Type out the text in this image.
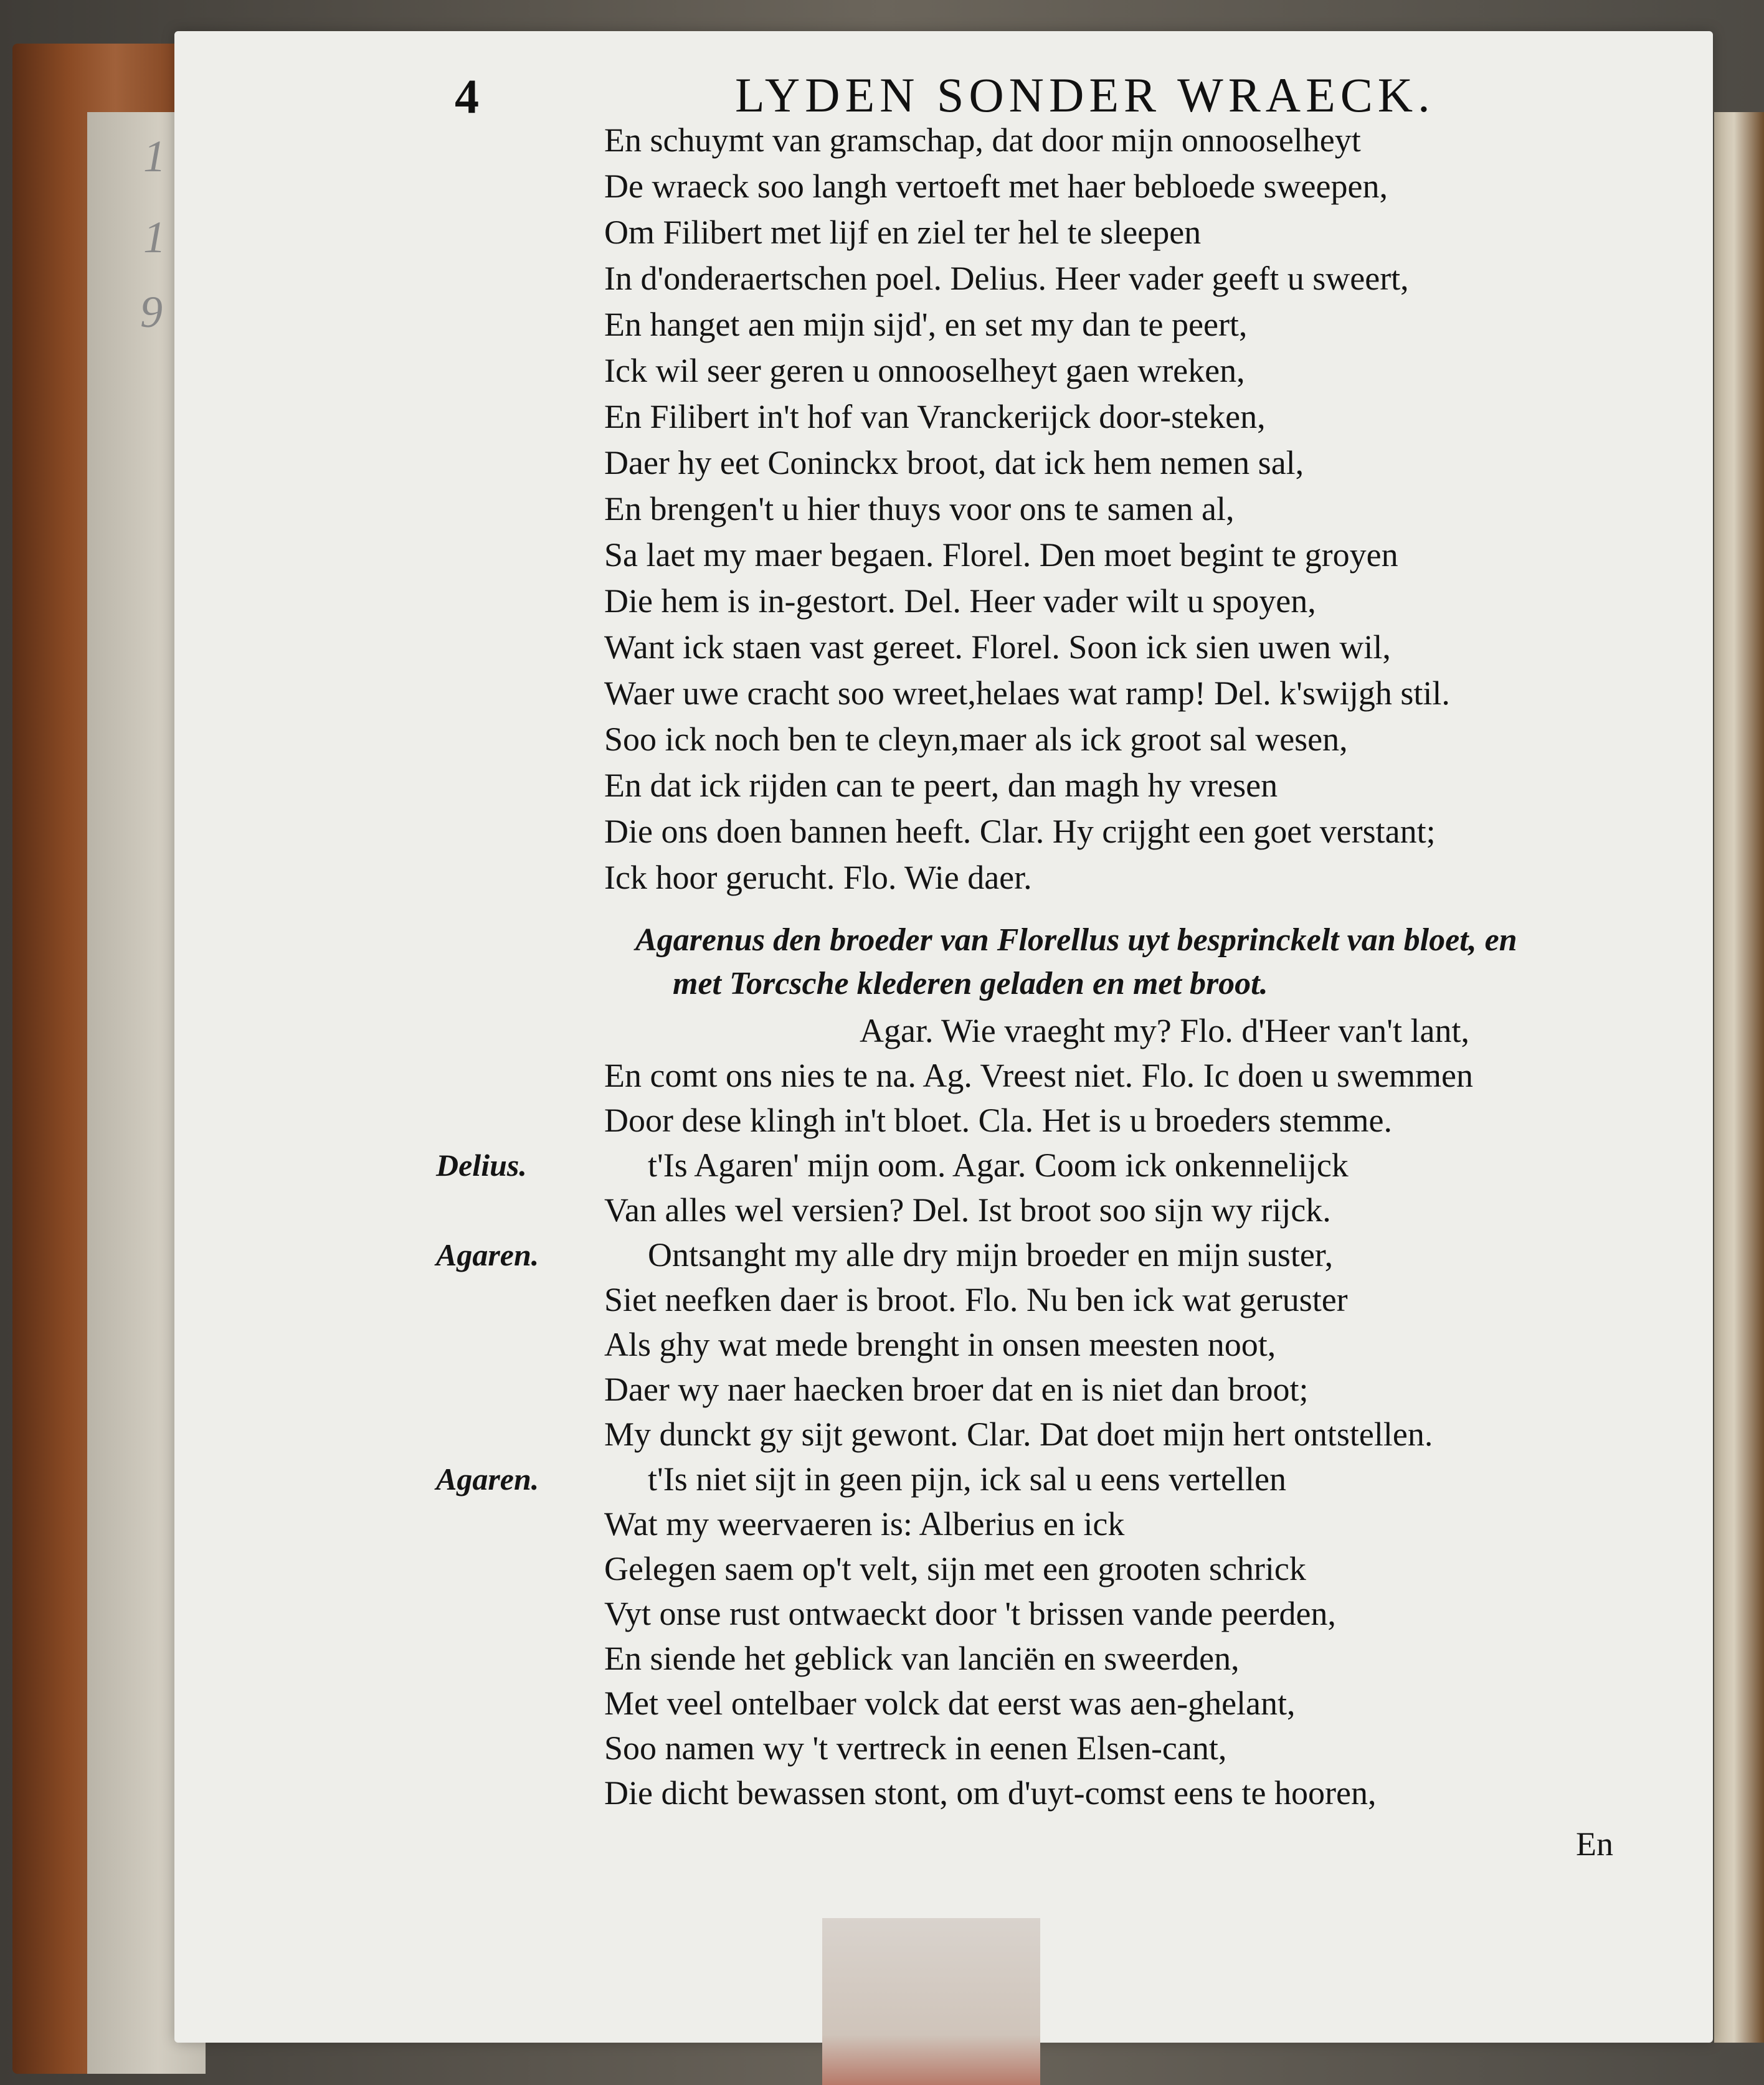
1
1
9
4	LYDEN SONDER WRAECK.
En schuymt van gramschap, dat door mijn onnooselheyt
De wraeck soo langh vertoeft met haer bebloede sweepen,
Om Filibert met lijf en ziel ter hel te sleepen
In d'onderaertschen poel. Delius. Heer vader geeft u sweert,
En hanget aen mijn sijd', en set my dan te peert,
Ick wil seer geren u onnooselheyt gaen wreken,
En Filibert in't hof van Vranckerijck door-steken,
Daer hy eet Coninckx broot, dat ick hem nemen sal,
En brengen't u hier thuys voor ons te samen al,
Sa laet my maer begaen. Florel. Den moet begint te groyen
Die hem is in-gestort. Del. Heer vader wilt u spoyen,
Want ick staen vast gereet. Florel. Soon ick sien uwen wil,
Waer uwe cracht soo wreet,helaes wat ramp! Del. k'swijgh stil.
Soo ick noch ben te cleyn,maer als ick groot sal wesen,
En dat ick rijden can te peert, dan magh hy vresen
Die ons doen bannen heeft. Clar. Hy crijght een goet verstant;
Ick hoor gerucht. Flo. Wie daer.
Agarenus den broeder van Florellus uyt besprinckelt van bloet, en
met Torcsche klederen geladen en met broot.
Agar. Wie vraeght my? Flo. d'Heer van't lant,
En comt ons nies te na. Ag. Vreest niet. Flo. Ic doen u swemmen
Door dese klingh in't bloet. Cla. Het is u broeders stemme.
Delius.	t'Is Agaren' mijn oom. Agar. Coom ick onkennelijck
Van alles wel versien? Del. Ist broot soo sijn wy rijck.
Agaren.	Ontsanght my alle dry mijn broeder en mijn suster,
Siet neefken daer is broot. Flo. Nu ben ick wat geruster
Als ghy wat mede brenght in onsen meesten noot,
Daer wy naer haecken broer dat en is niet dan broot;
My dunckt gy sijt gewont. Clar. Dat doet mijn hert ontstellen.
Agaren.	t'Is niet sijt in geen pijn, ick sal u eens vertellen
Wat my weervaeren is: Alberius en ick
Gelegen saem op't velt, sijn met een grooten schrick
Vyt onse rust ontwaeckt door 't brissen vande peerden,
En siende het geblick van lanciën en sweerden,
Met veel ontelbaer volck dat eerst was aen-ghelant,
Soo namen wy 't vertreck in eenen Elsen-cant,
Die dicht bewassen stont, om d'uyt-comst eens te hooren,
En
